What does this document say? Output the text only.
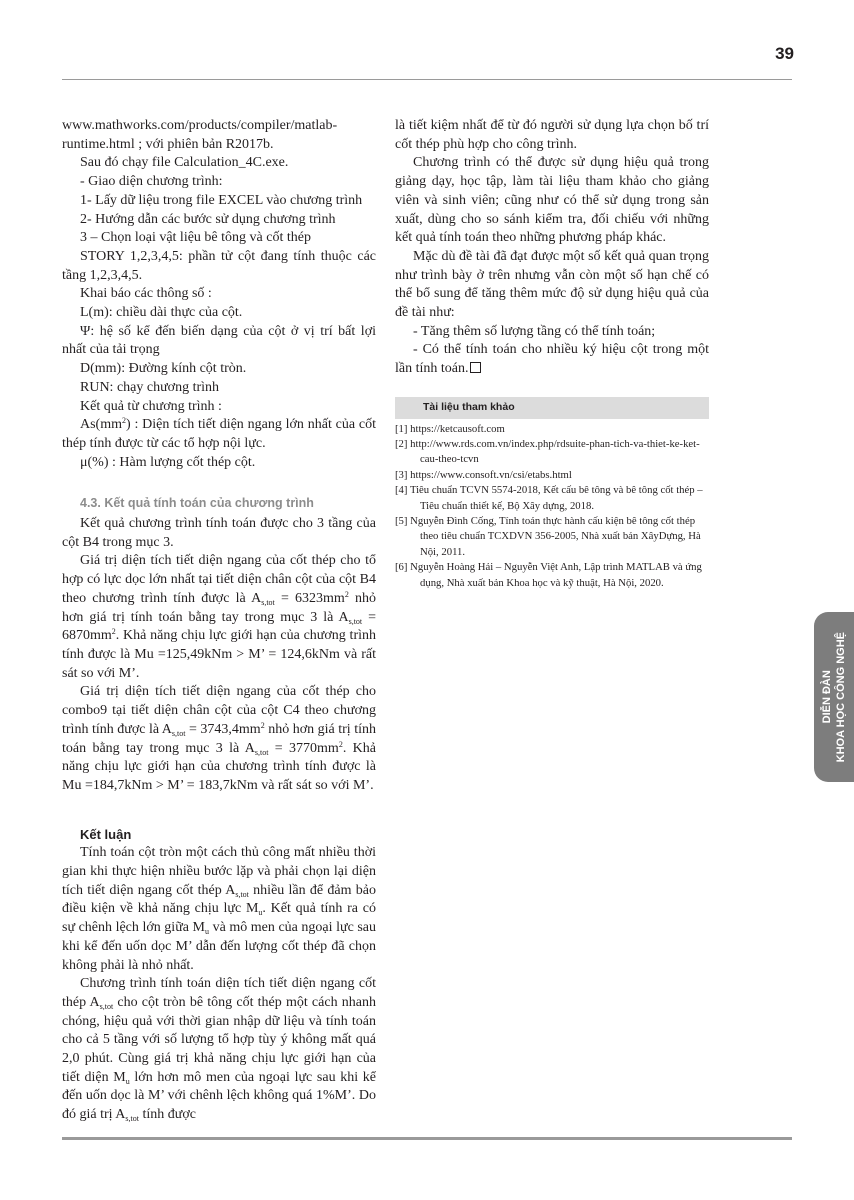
39

www.mathworks.com/products/compiler/matlab-runtime.html ; với phiên bản R2017b.

Sau đó chạy file Calculation_4C.exe.

- Giao diện chương trình:

1- Lấy dữ liệu trong file EXCEL vào chương trình

2- Hướng dẫn các bước sử dụng chương trình

3 – Chọn loại vật liệu bê tông và cốt thép

STORY 1,2,3,4,5: phần tử cột đang tính thuộc các tầng 1,2,3,4,5.

Khai báo các thông số :

L(m): chiều dài thực của cột.

Ψ: hệ số kể đến biến dạng của cột ở vị trí bất lợi nhất của tải trọng

D(mm): Đường kính cột tròn.

RUN: chạy chương trình

Kết quả từ chương trình :

$As(mm^2)$ : Diện tích tiết diện ngang lớn nhất của cốt thép tính được từ các tổ hợp nội lực.

μ(%) : Hàm lượng cốt thép cột.

4.3. Kết quả tính toán của chương trình

Kết quả chương trình tính toán được cho 3 tầng của cột B4 trong mục 3.

Giá trị diện tích tiết diện ngang của cốt thép cho tổ hợp có lực dọc lớn nhất tại tiết diện chân cột của cột B4 theo chương trình tính được là $A_{s,tot} = 6323mm^2$ nhỏ hơn giá trị tính toán bằng tay trong mục 3 là $A_{s,tot} = 6870mm^2$. Khả năng chịu lực giới hạn của chương trình tính được là Mu =125,49kNm > M’ = 124,6kNm và rất sát so với M’.

Giá trị diện tích tiết diện ngang của cốt thép cho combo9 tại tiết diện chân cột của cột C4 theo chương trình tính được là $A_{s,tot} = 3743,4mm^2$ nhỏ hơn giá trị tính toán bằng tay trong mục 3 là $A_{s,tot} = 3770mm^2$. Khả năng chịu lực giới hạn của chương trình tính được là Mu =184,7kNm > M’ = 183,7kNm và rất sát so với M’.

Kết luận

Tính toán cột tròn một cách thủ công mất nhiều thời gian khi thực hiện nhiều bước lặp và phải chọn lại diện tích tiết diện ngang cốt thép $A_{s,tot}$ nhiều lần để đảm bảo điều kiện về khả năng chịu lực $M_u$. Kết quả tính ra có sự chênh lệch lớn giữa $M_u$ và mô men của ngoại lực sau khi kể đến uốn dọc M’ dẫn đến lượng cốt thép đã chọn không phải là nhỏ nhất.

Chương trình tính toán diện tích tiết diện ngang cốt thép $A_{s,tot}$ cho cột tròn bê tông cốt thép một cách nhanh chóng, hiệu quả với thời gian nhập dữ liệu và tính toán cho cả 5 tầng với số lượng tổ hợp tùy ý không mất quá 2,0 phút. Cùng giá trị khả năng chịu lực giới hạn của tiết diện $M_u$ lớn hơn mô men của ngoại lực sau khi kể đến uốn dọc là M’ với chênh lệch không quá 1%M’. Do đó giá trị $A_{s,tot}$ tính được

là tiết kiệm nhất để từ đó người sử dụng lựa chọn bố trí cốt thép phù hợp cho công trình.

Chương trình có thể được sử dụng hiệu quả trong giảng dạy, học tập, làm tài liệu tham khảo cho giảng viên và sinh viên; cũng như có thể sử dụng trong sản xuất, dùng cho so sánh kiểm tra, đối chiếu với những kết quả tính toán theo những phương pháp khác.

Mặc dù đề tài đã đạt được một số kết quả quan trọng như trình bày ở trên nhưng vẫn còn một số hạn chế có thể bổ sung để tăng thêm mức độ sử dụng hiệu quả của đề tài như:

- Tăng thêm số lượng tầng có thể tính toán;

- Có thể tính toán cho nhiều ký hiệu cột trong một lần tính toán.

Tài liệu tham khảo
[1] https://ketcausoft.com
[2] http://www.rds.com.vn/index.php/rdsuite-phan-tich-va-thiet-ke-ket-cau-theo-tcvn
[3] https://www.consoft.vn/csi/etabs.html
[4] Tiêu chuẩn TCVN 5574-2018, Kết cấu bê tông và bê tông cốt thép – Tiêu chuẩn thiết kế, Bộ Xây dựng, 2018.
[5] Nguyễn Đình Cống, Tính toán thực hành cấu kiện bê tông cốt thép theo tiêu chuẩn TCXDVN 356-2005, Nhà xuất bản XâyDựng, Hà Nội, 2011.
[6] Nguyễn Hoàng Hải – Nguyễn Việt Anh, Lập trình MATLAB và ứng dụng, Nhà xuất bản Khoa học và kỹ thuật, Hà Nội, 2020.
DIỄN ĐÀN
KHOA HỌC CÔNG NGHỆ
